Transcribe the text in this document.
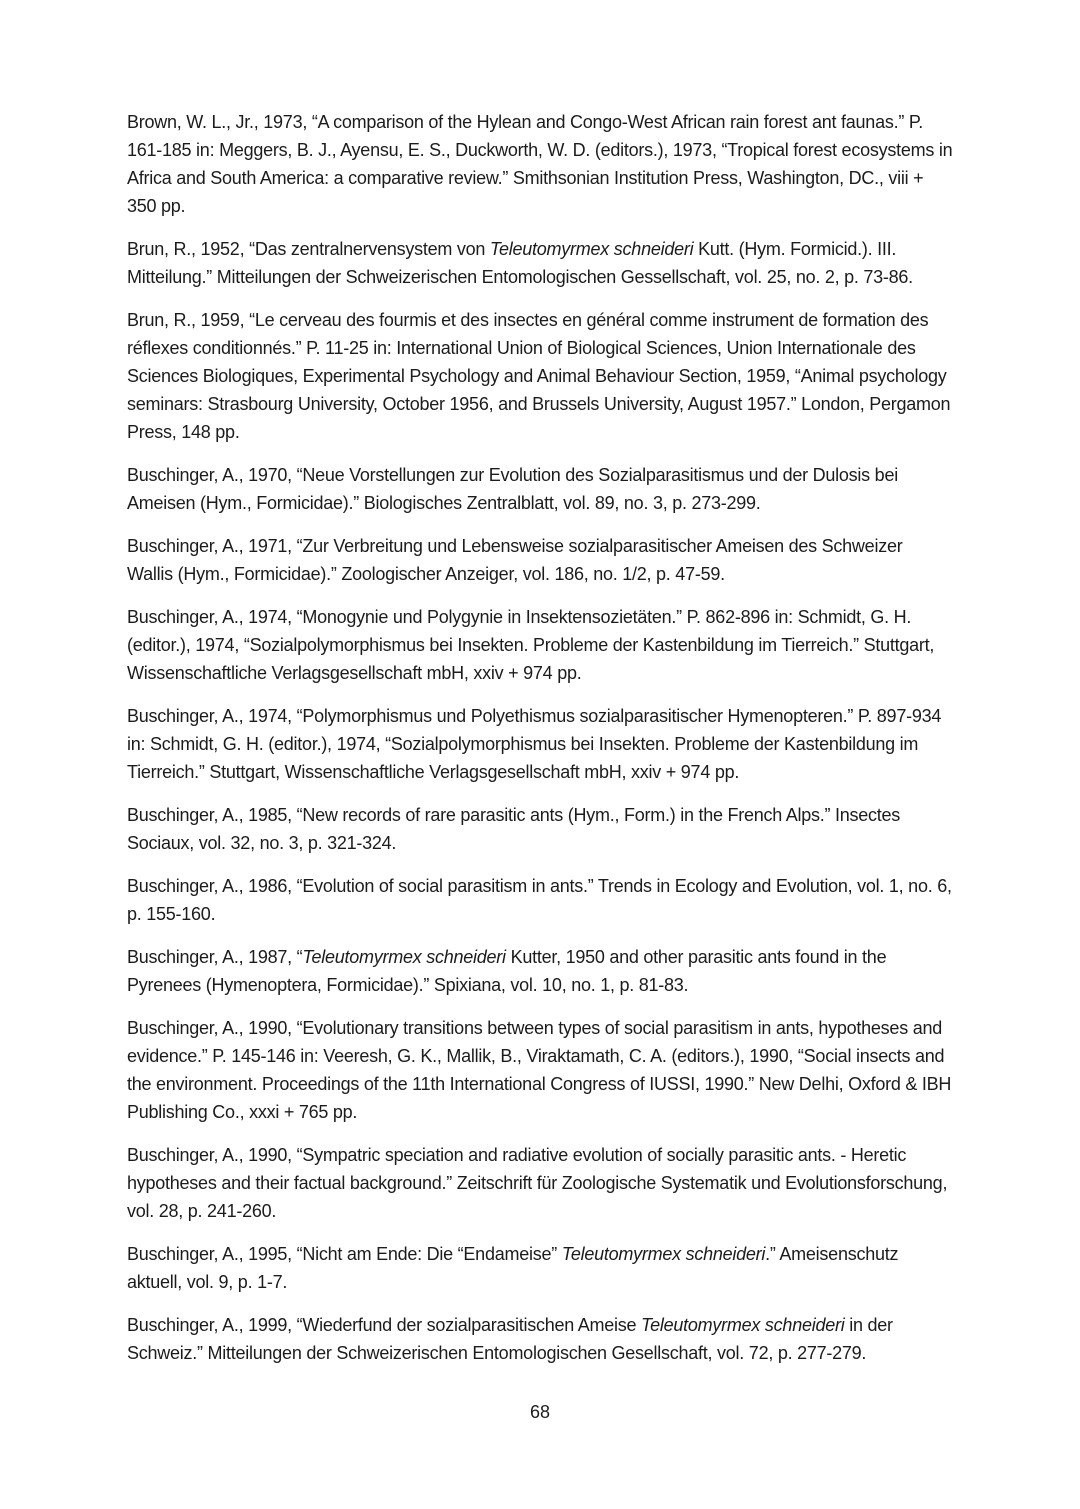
Brown, W. L., Jr., 1973, “A comparison of the Hylean and Congo-West African rain forest ant faunas.” P. 161-185 in: Meggers, B. J., Ayensu, E. S., Duckworth, W. D. (editors.), 1973, “Tropical forest ecosystems in Africa and South America: a comparative review.” Smithsonian Institution Press, Washington, DC., viii + 350 pp.

Brun, R., 1952, “Das zentralnervensystem von Teleutomyrmex schneideri Kutt. (Hym. Formicid.). III. Mitteilung.” Mitteilungen der Schweizerischen Entomologischen Gessellschaft, vol. 25, no. 2, p. 73-86.

Brun, R., 1959, “Le cerveau des fourmis et des insectes en général comme instrument de formation des réflexes conditionnés.” P. 11-25 in: International Union of Biological Sciences, Union Internationale des Sciences Biologiques, Experimental Psychology and Animal Behaviour Section, 1959, “Animal psychology seminars: Strasbourg University, October 1956, and Brussels University, August 1957.” London, Pergamon Press, 148 pp.

Buschinger, A., 1970, “Neue Vorstellungen zur Evolution des Sozialparasitismus und der Dulosis bei Ameisen (Hym., Formicidae).” Biologisches Zentralblatt, vol. 89, no. 3, p. 273-299.

Buschinger, A., 1971, “Zur Verbreitung und Lebensweise sozialparasitischer Ameisen des Schweizer Wallis (Hym., Formicidae).” Zoologischer Anzeiger, vol. 186, no. 1/2, p. 47-59.

Buschinger, A., 1974, “Monogynie und Polygynie in Insektensozietäten.” P. 862-896 in: Schmidt, G. H. (editor.), 1974, “Sozialpolymorphismus bei Insekten. Probleme der Kastenbildung im Tierreich.” Stuttgart, Wissenschaftliche Verlagsgesellschaft mbH, xxiv + 974 pp.

Buschinger, A., 1974, “Polymorphismus und Polyethismus sozialparasitischer Hymenopteren.” P. 897-934 in: Schmidt, G. H. (editor.), 1974, “Sozialpolymorphismus bei Insekten. Probleme der Kastenbildung im Tierreich.” Stuttgart, Wissenschaftliche Verlagsgesellschaft mbH, xxiv + 974 pp.

Buschinger, A., 1985, “New records of rare parasitic ants (Hym., Form.) in the French Alps.” Insectes Sociaux, vol. 32, no. 3, p. 321-324.

Buschinger, A., 1986, “Evolution of social parasitism in ants.” Trends in Ecology and Evolution, vol. 1, no. 6, p. 155-160.

Buschinger, A., 1987, “Teleutomyrmex schneideri Kutter, 1950 and other parasitic ants found in the Pyrenees (Hymenoptera, Formicidae).” Spixiana, vol. 10, no. 1, p. 81-83.

Buschinger, A., 1990, “Evolutionary transitions between types of social parasitism in ants, hypotheses and evidence.” P. 145-146 in: Veeresh, G. K., Mallik, B., Viraktamath, C. A. (editors.), 1990, “Social insects and the environment. Proceedings of the 11th International Congress of IUSSI, 1990.” New Delhi, Oxford & IBH Publishing Co., xxxi + 765 pp.

Buschinger, A., 1990, “Sympatric speciation and radiative evolution of socially parasitic ants. - Heretic hypotheses and their factual background.” Zeitschrift für Zoologische Systematik und Evolutionsforschung, vol. 28, p. 241-260.

Buschinger, A., 1995, “Nicht am Ende: Die “Endameise” Teleutomyrmex schneideri.” Ameisenschutz aktuell, vol. 9, p. 1-7.

Buschinger, A., 1999, “Wiederfund der sozialparasitischen Ameise Teleutomyrmex schneideri in der Schweiz.” Mitteilungen der Schweizerischen Entomologischen Gesellschaft, vol. 72, p. 277-279.

68
